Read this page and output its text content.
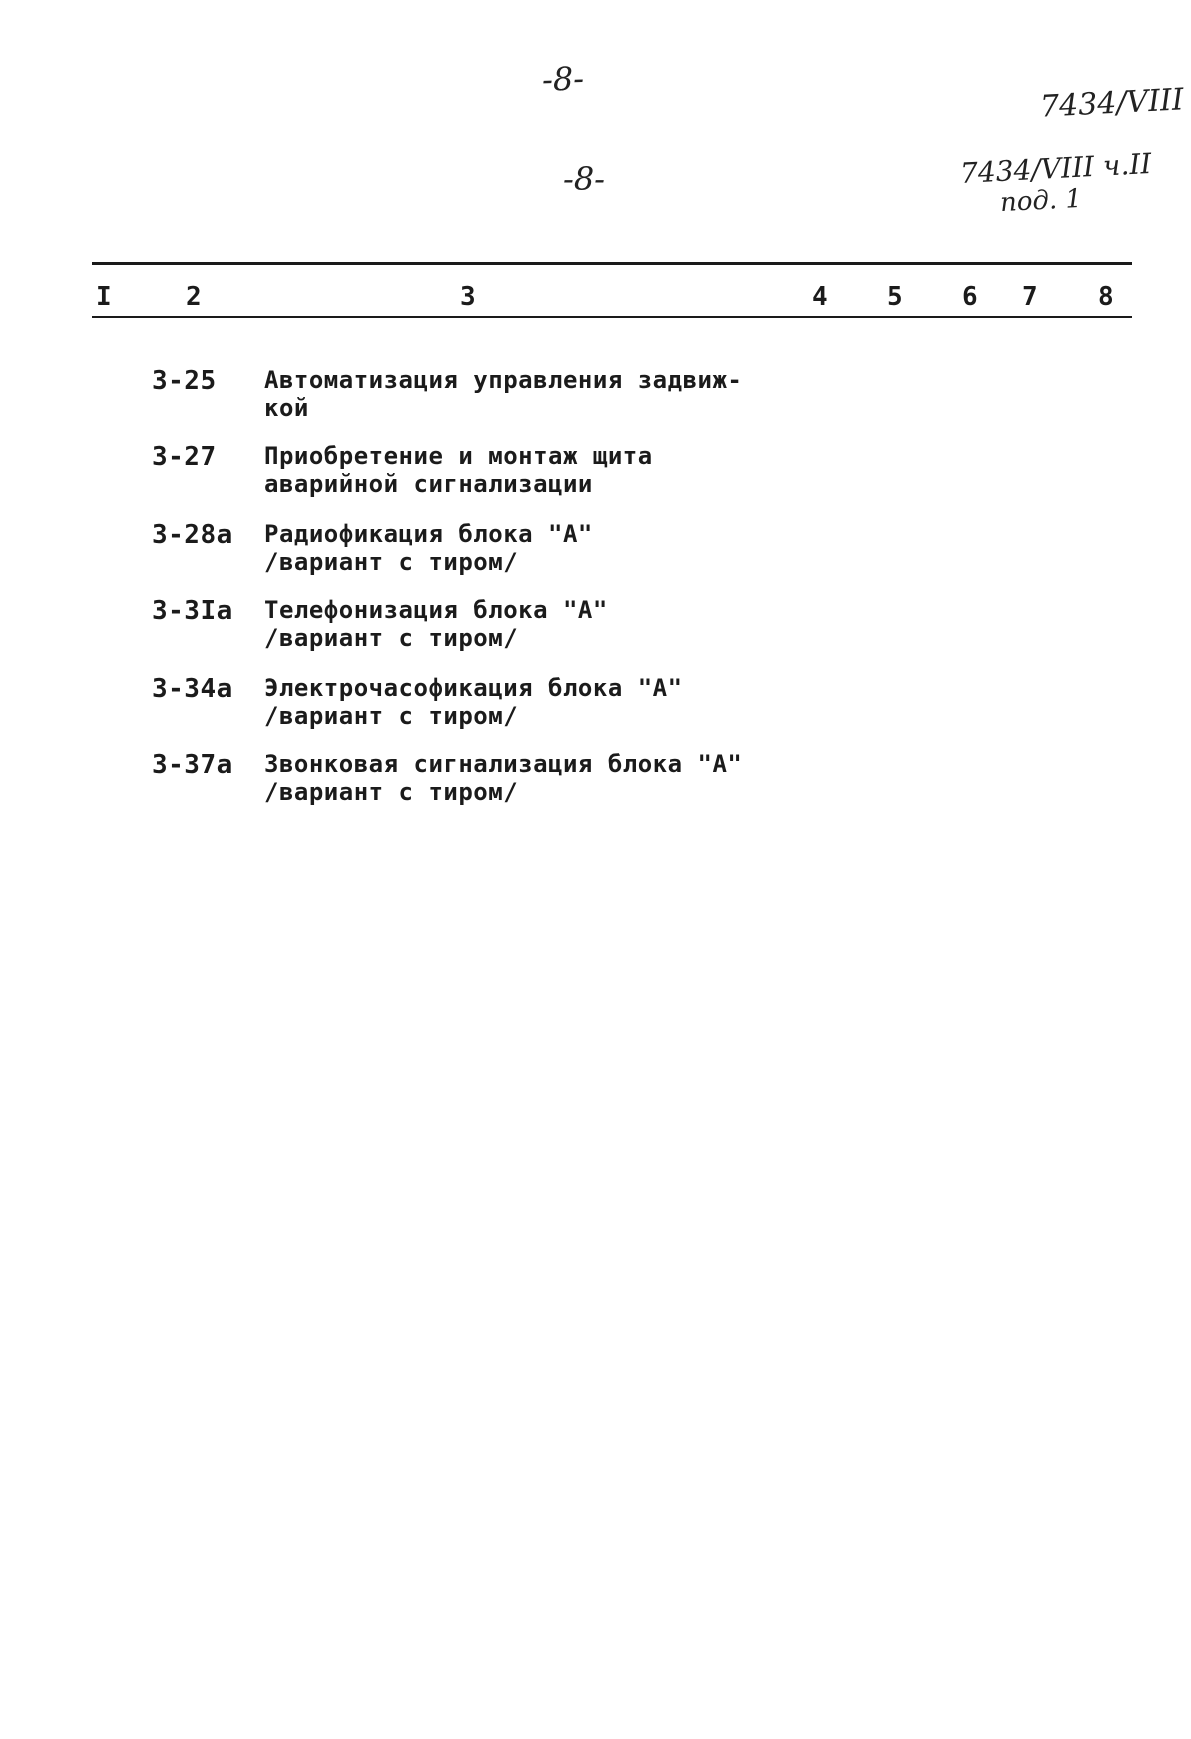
-8-
-8-
7434/VIII
7434/VIII ч.II
под. 1
I	2	3	4 5 6 7 8
3-25 Автоматизация управления задвиж-
кой
3-27 Приобретение и монтаж щита
аварийной сигнализации
3-28а Радиофикация блока "А"
/вариант с тиром/
3-3Iа Телефонизация блока "А"
/вариант с тиром/
3-34а Электрочасофикация блока "А"
/вариант с тиром/
3-37а Звонковая сигнализация блока "А"
/вариант с тиром/
